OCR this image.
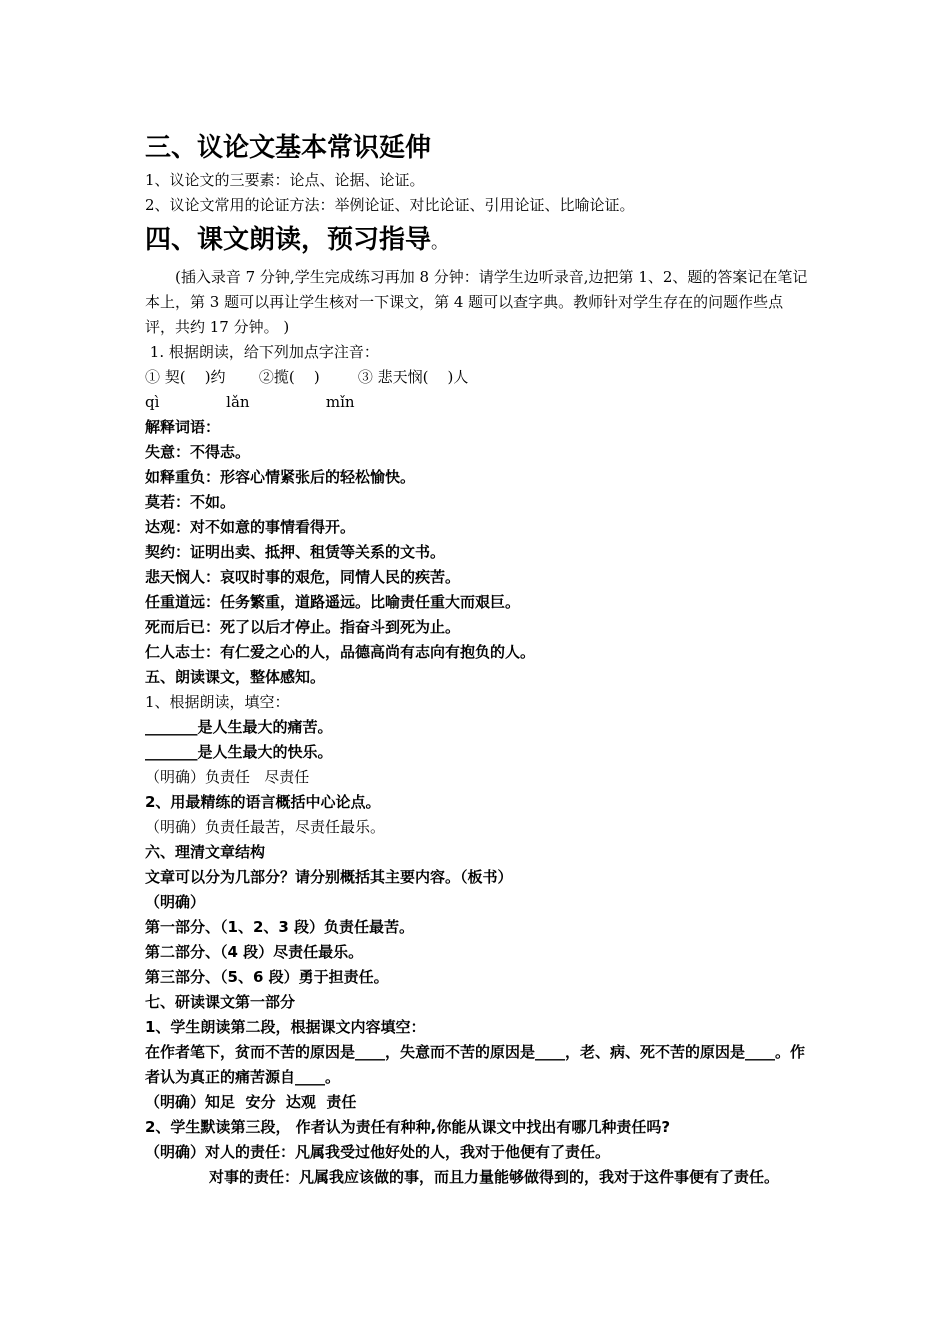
三、议论文基本常识延伸

1、议论文的三要素：论点、论据、论证。

2、议论文常用的论证方法：举例论证、对比论证、引用论证、比喻论证。

四、课文朗读，预习指导。

(插入录音 7 分钟,学生完成练习再加 8 分钟：请学生边听录音,边把第 1、2、题的答案记在笔记本上，第 3 题可以再让学生核对一下课文，第 4 题可以查字典。教师针对学生存在的问题作些点评，共约 17 分钟。 )

1. 根据朗读，给下列加点字注音：

① 契(    )约       ②揽(    )        ③ 悲天悯(    )人

qì              lǎn                mǐn

解释词语：

失意：不得志。

如释重负：形容心情紧张后的轻松愉快。

莫若：不如。

达观：对不如意的事情看得开。

契约：证明出卖、抵押、租赁等关系的文书。

悲天悯人：哀叹时事的艰危，同情人民的疾苦。

任重道远：任务繁重，道路遥远。比喻责任重大而艰巨。

死而后已：死了以后才停止。指奋斗到死为止。

仁人志士：有仁爱之心的人，品德高尚有志向有抱负的人。

五、朗读课文，整体感知。

1、根据朗读，填空：

_______是人生最大的痛苦。

_______是人生最大的快乐。

（明确）负责任   尽责任

2、用最精练的语言概括中心论点。

（明确）负责任最苦，尽责任最乐。

六、理清文章结构

文章可以分为几部分？请分别概括其主要内容。（板书）

（明确）

第一部分、（1、2、3 段）负责任最苦。

第二部分、（4 段）尽责任最乐。

第三部分、（5、6 段）勇于担责任。

七、研读课文第一部分

1、学生朗读第二段，根据课文内容填空：

在作者笔下，贫而不苦的原因是____，失意而不苦的原因是____，老、病、死不苦的原因是____。作者认为真正的痛苦源自____。

（明确）知足  安分  达观  责任

2、学生默读第三段， 作者认为责任有种种,你能从课文中找出有哪几种责任吗?

（明确）对人的责任：凡属我受过他好处的人，我对于他便有了责任。

对事的责任：凡属我应该做的事，而且力量能够做得到的，我对于这件事便有了责任。
